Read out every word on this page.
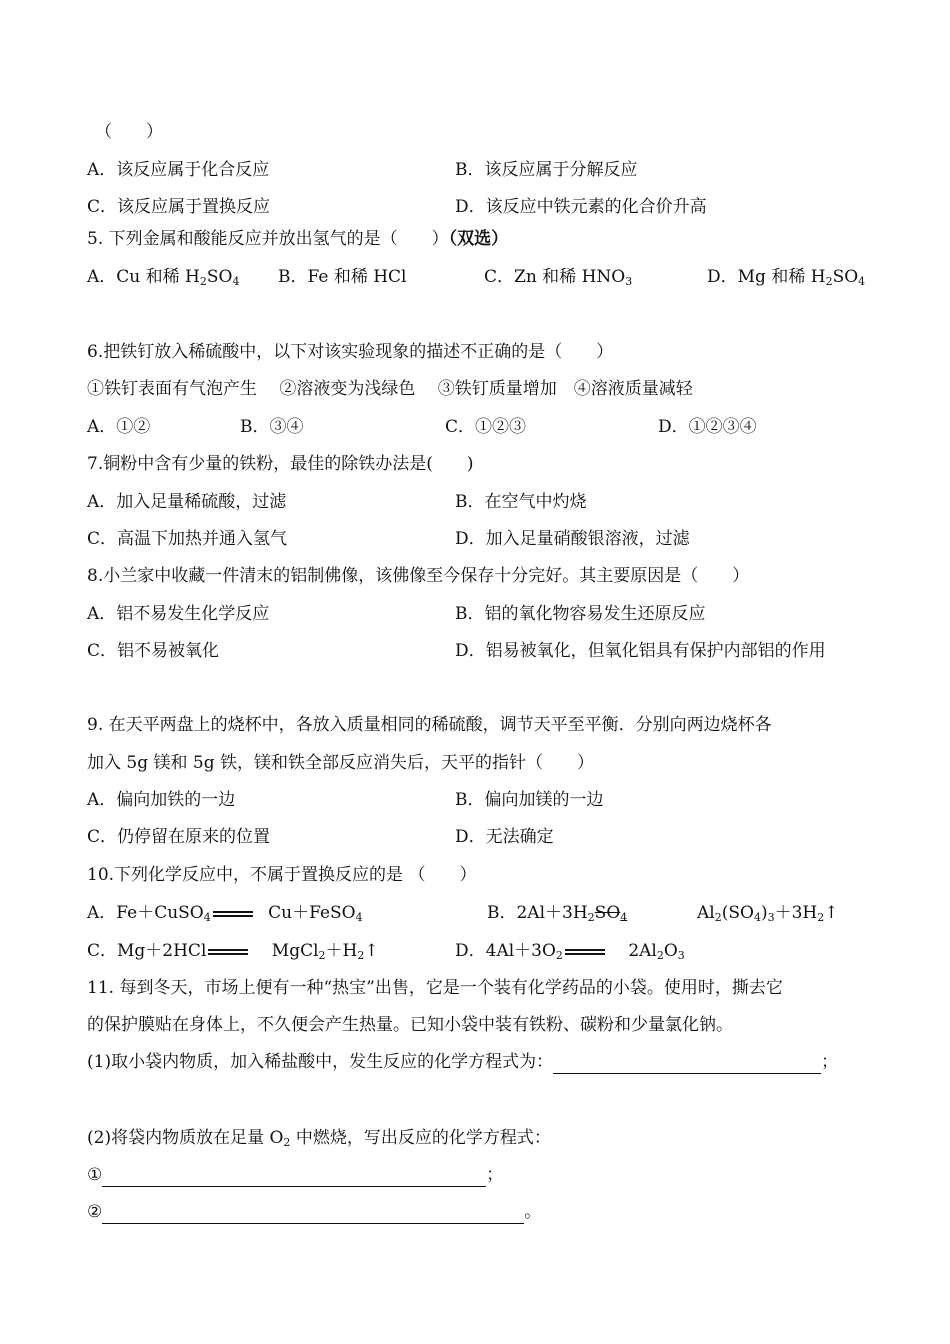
（　　）
A．该反应属于化合反应	B．该反应属于分解反应
C．该反应属于置换反应	D．该反应中铁元素的化合价升高
5. 下列金属和酸能反应并放出氢气的是（　　）（双选）
A．Cu 和稀 $H_2SO_4$ B．Fe 和稀 HCl	C．Zn 和稀 $HNO_3$	D．Mg 和稀 $H_2SO_4$
6.把铁钉放入稀硫酸中，以下对该实验现象的描述不正确的是（　　）
①铁钉表面有气泡产生　 ②溶液变为浅绿色　 ③铁钉质量增加　④溶液质量减轻
A．①②	B．③④	C．①②③	D．①②③④
7.铜粉中含有少量的铁粉，最佳的除铁办法是(　　)
A．加入足量稀硫酸，过滤	B．在空气中灼烧
C．高温下加热并通入氢气	D．加入足量硝酸银溶液，过滤
8.小兰家中收藏一件清末的铝制佛像，该佛像至今保存十分完好。其主要原因是（　　）
A．铝不易发生化学反应	B．铝的氧化物容易发生还原反应
C．铝不易被氧化	D．铝易被氧化，但氧化铝具有保护内部铝的作用
9. 在天平两盘上的烧杯中，各放入质量相同的稀硫酸，调节天平至平衡．分别向两边烧杯各
加入 5g 镁和 5g 铁，镁和铁全部反应消失后，天平的指针（　　）
A．偏向加铁的一边	B．偏向加镁的一边
C．仍停留在原来的位置	D．无法确定
10.下列化学反应中，不属于置换反应的是 （　　）
A．Fe＋CuSO$_4$	Cu＋FeSO$_4$	B．$2Al+3H_2SO_4$	$Al_2(SO_4)_3+3H_2↑$
C．Mg＋2HCl	$MgCl_2+H_2↑$	D．$4Al+3O_2$	$2Al_2O_3$
11. 每到冬天，市场上便有一种“热宝”出售，它是一个装有化学药品的小袋。使用时，撕去它
的保护膜贴在身体上，不久便会产生热量。已知小袋中装有铁粉、碳粉和少量氯化钠。
(1)取小袋内物质，加入稀盐酸中，发生反应的化学方程式为：	；
(2)将袋内物质放在足量 $O_2$ 中燃烧，写出反应的化学方程式：
①	；
②	。
